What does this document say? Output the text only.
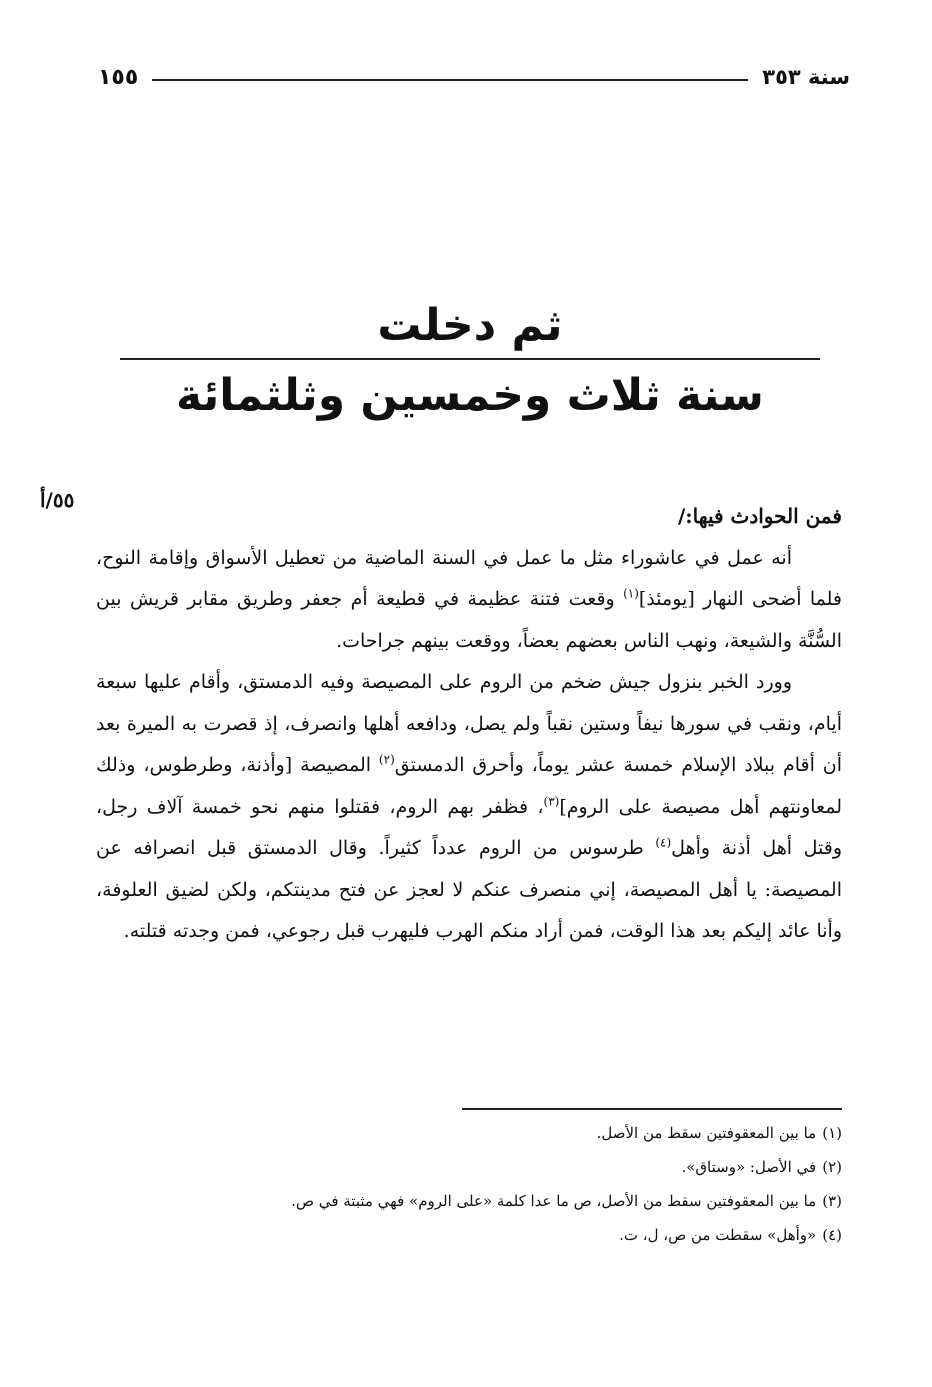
سنة ٣٥٣
١٥٥
ثم دخلت
سنة ثلاث وخمسين وثلثمائة
٥٥/أ

فمن الحوادث فيها:/

أنه عمل في عاشوراء مثل ما عمل في السنة الماضية من تعطيل الأسواق وإقامة النوح، فلما أضحى النهار [يومئذ]$^{(١)}$ وقعت فتنة عظيمة في قطيعة أم جعفر وطريق مقابر قريش بين السُّنَّة والشيعة، ونهب الناس بعضهم بعضاً، ووقعت بينهم جراحات.

وورد الخبر بنزول جيش ضخم من الروم على المصيصة وفيه الدمستق، وأقام عليها سبعة أيام، ونقب في سورها نيفاً وستين نقباً ولم يصل، ودافعه أهلها وانصرف، إذ قصرت به الميرة بعد أن أقام ببلاد الإسلام خمسة عشر يوماً، وأحرق الدمستق$^{(٢)}$ المصيصة [وأذنة، وطرطوس، وذلك لمعاونتهم أهل مصيصة على الروم]$^{(٣)}$، فظفر بهم الروم، فقتلوا منهم نحو خمسة آلاف رجل، وقتل أهل أذنة وأهل$^{(٤)}$ طرسوس من الروم عدداً كثيراً. وقال الدمستق قبل انصرافه عن المصيصة: يا أهل المصيصة، إني منصرف عنكم لا لعجز عن فتح مدينتكم، ولكن لضيق العلوفة، وأنا عائد إليكم بعد هذا الوقت، فمن أراد منكم الهرب فليهرب قبل رجوعي، فمن وجدته قتلته.

(١)ما بين المعقوفتين سقط من الأصل.

(٢)في الأصل: «وستاق».

(٣)ما بين المعقوفتين سقط من الأصل، ص ما عدا كلمة «على الروم» فهي مثبتة في ص.

(٤)«وأهل» سقطت من ص، ل، ت.
